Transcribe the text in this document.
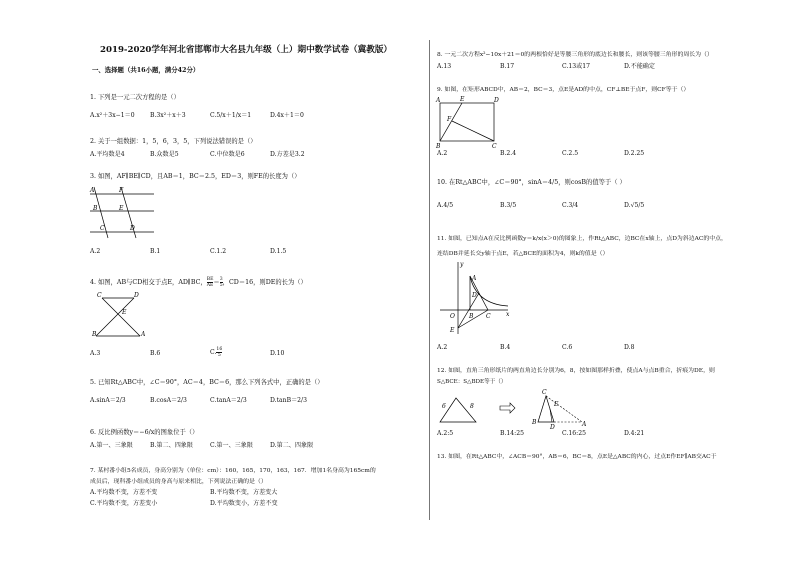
2019-2020学年河北省邯郸市大名县九年级（上）期中数学试卷（冀教版）
一、选择题（共16小题，满分42分）
1. 下列是一元二次方程的是（）
A.x²＋3x−1＝0	B.3x²＋x＋3	C.5/x＋1/x＝1	D.4x＋1＝0
2. 关于一组数据：1，5，6，3，5，下列说法错误的是（）
A.平均数是4	B.众数是5	C.中位数是6	D.方差是3.2
3. 如图，AF∥BE∥CD，且AB＝1，BC＝2.5，ED＝3，则FE的长度为（）
A	F
B	E
C	D
A.2	B.1	C.1.2	D.1.5
4. 如图，AB与CD相交于点E，AD∥BC， $\frac{BE}{AE} = \frac{3}{5}$ ，CD＝16，则DE的长为（）
C	D
E
B	A
A.3	B.6	C. $\frac{16}{5}$	D.10
5. 已知Rt△ABC中，∠C＝90°，AC＝4，BC＝6，那么下列各式中，正确的是（）
A.sinA＝2/3	B.cosA＝2/3	C.tanA＝2/3	D.tanB＝2/3
6. 反比例函数y＝−6/x的图象位于（）
A.第一、三象限	B.第二、四象限	C.第一、三象限	D.第二、四象限
7. 某村番小组5名成员，身高分别为（单位：cm）：160，165，170，163，167．增加1名身高为165cm的
成员后，现科番小组成员的身高与原来相比，下列说法正确的是（）
A.平均数不变，方差不变	B.平均数不变，方差变大
C.平均数不变，方差变小	D.平均数变小，方差不变
8. 一元二次方程x²−10x＋21＝0的两根恰好是等腰三角形的底边长和腰长，则该等腰三角形的周长为（）
A.13	B.17	C.13或17	D.不能确定
9. 如图，在矩形ABCD中，AB＝2，BC＝3，点E是AD的中点，CF⊥BE于点F，则CF等于（）
A	E	D
F
B	C
A.2	B.2.4	C.2.5	D.2.25
10. 在Rt△ABC中，∠C＝90°，sinA＝4/5，则cosB的值等于（ ）
A.4/5	B.3/5	C.3/4	D.√5/5
11. 如图，已知点A在反比例函数y＝k/x(x＞0)的图象上，作Rt△ABC，边BC在x轴上，点D为斜边AC的中点，
连结DB并延长交y轴于点E，若△BCE的面积为4，则k的值是（）
y
A
D
O B C	x
E
A.2	B.4	C.6	D.8
12. 如图，直角三角形纸片的两直角边长分别为6，8，按如图那样折叠，使点A与点B重合，折痕为DE，则
S△BCE：S△BDE等于（）
6	8
C
E
B
D	A
A.2:5	B.14:25	C.16:25	D.4:21
13. 如图，在Rt△ABC中，∠ACB＝90°，AB＝6，BC＝8，点E是△ABC的内心，过点E作EF∥AB交AC于
